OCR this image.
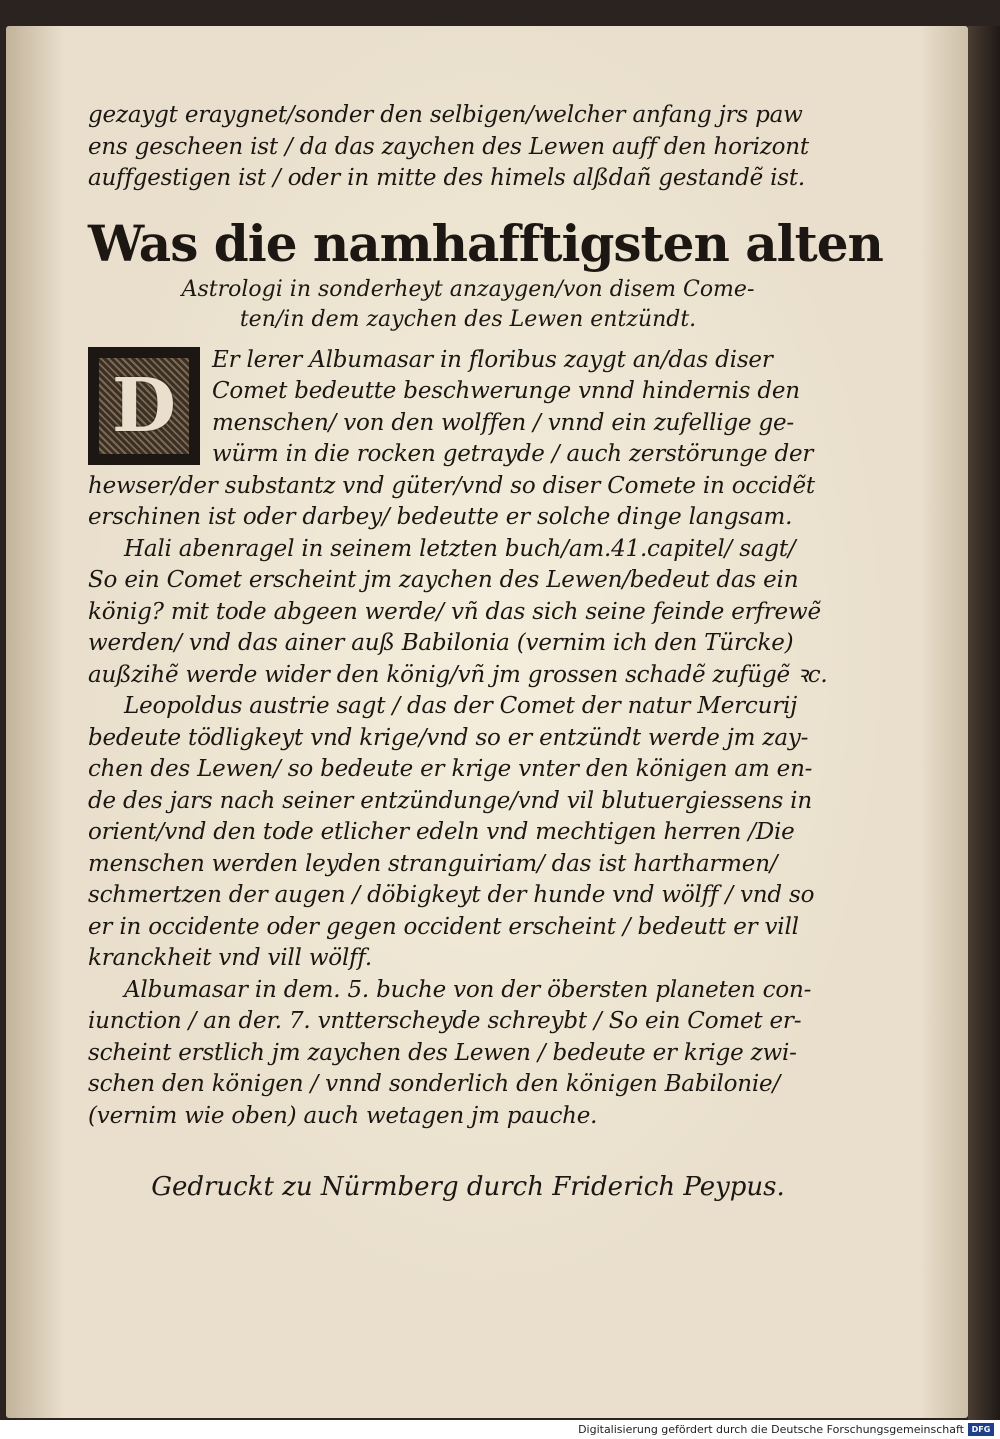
gezaygt eraygnet/sonder den selbigen/welcher anfang jrs paw
ens gescheen ist / da das zaychen des Lewen auff den horizont
auffgestigen ist / oder in mitte des himels alßdañ gestandẽ ist.
Was die namhafftigsten alten
Astrologi in sonderheyt anzaygen/von disem Come-
ten/in dem zaychen des Lewen entzündt.
D
Er lerer Albumasar in floribus zaygt an/das diser
Comet bedeutte beschwerunge vnnd hindernis den
menschen/ von den wolffen / vnnd ein zufellige ge-
würm in die rocken getrayde / auch zerstörunge der
hewser/der substantz vnd güter/vnd so diser Comete in occidẽt
erschinen ist oder darbey/ bedeutte er solche dinge langsam.
Hali abenragel in seinem letzten buch/am.41.capitel/ sagt/
So ein Comet erscheint jm zaychen des Lewen/bedeut das ein
könig? mit tode abgeen werde/ vñ das sich seine feinde erfrewẽ
werden/ vnd das ainer auß Babilonia (vernim ich den Türcke)
außzihẽ werde wider den könig/vñ jm grossen schadẽ zufügẽ ꝛc.
Leopoldus austrie sagt / das der Comet der natur Mercurij
bedeute tödligkeyt vnd krige/vnd so er entzündt werde jm zay-
chen des Lewen/ so bedeute er krige vnter den königen am en-
de des jars nach seiner entzündunge/vnd vil blutuergiessens in
orient/vnd den tode etlicher edeln vnd mechtigen herren /Die
menschen werden leyden stranguiriam/ das ist hartharmen/
schmertzen der augen / döbigkeyt der hunde vnd wölff / vnd so
er in occidente oder gegen occident erscheint / bedeutt er vill
kranckheit vnd vill wölff.
Albumasar in dem. 5. buche von der öbersten planeten con-
iunction / an der. 7. vntterscheyde schreybt / So ein Comet er-
scheint erstlich jm zaychen des Lewen / bedeute er krige zwi-
schen den königen / vnnd sonderlich den königen Babilonie/
(vernim wie oben) auch wetagen jm pauche.
Gedruckt zu Nürmberg durch Friderich Peypus.
Digitalisierung gefördert durch die Deutsche Forschungsgemeinschaft DFG
